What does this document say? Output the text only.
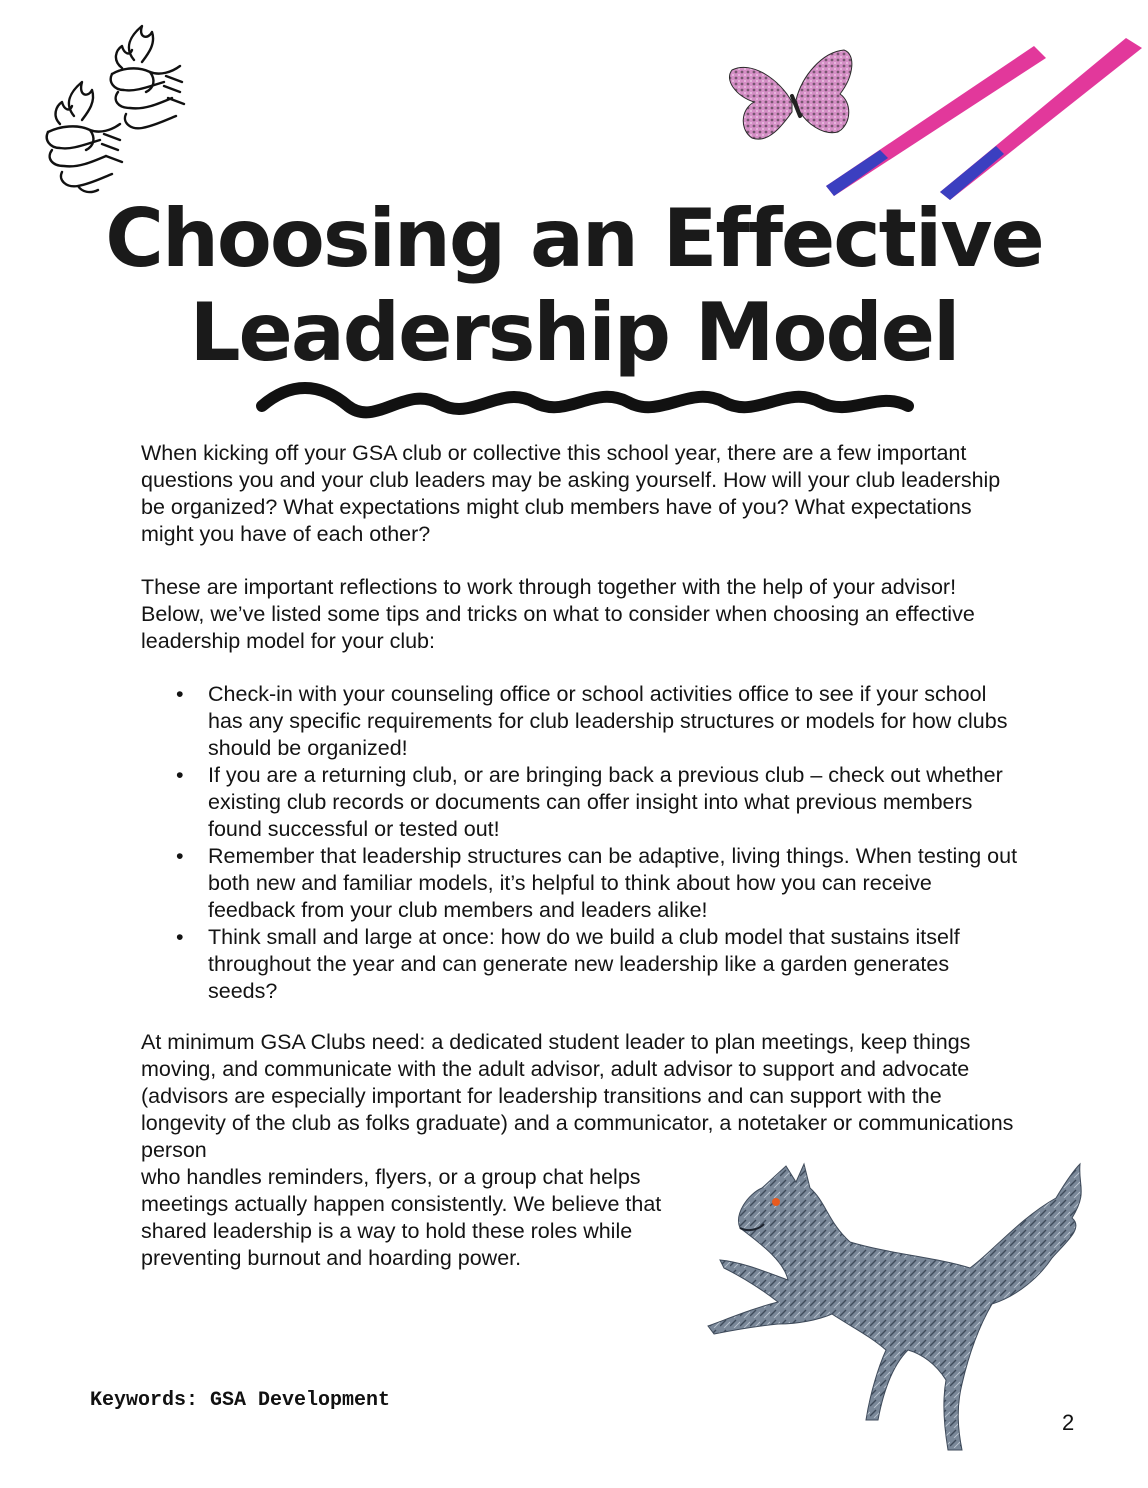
Choosing an Effective
Leadership Model

When kicking off your GSA club or collective this school year, there are a few important questions you and your club leaders may be asking yourself. How will your club leadership be organized? What expectations might club members have of you? What expectations might you have of each other?

These are important reflections to work through together with the help of your advisor! Below, we’ve listed some tips and tricks on what to consider when choosing an effective leadership model for your club:

• Check-in with your counseling office or school activities office to see if your school has any specific requirements for club leadership structures or models for how clubs should be organized!
• If you are a returning club, or are bringing back a previous club – check out whether existing club records or documents can offer insight into what previous members found successful or tested out!
• Remember that leadership structures can be adaptive, living things. When testing out both new and familiar models, it’s helpful to think about how you can receive feedback from your club members and leaders alike!
• Think small and large at once: how do we build a club model that sustains itself throughout the year and can generate new leadership like a garden generates seeds?
At minimum GSA Clubs need: a dedicated student leader to plan meetings, keep things moving, and communicate with the adult advisor, adult advisor to support and advocate (advisors are especially important for leadership transitions and can support with the longevity of the club as folks graduate) and a communicator, a notetaker or communications person
who handles reminders, flyers, or a group chat helps meetings actually happen consistently. We believe that shared leadership is a way to hold these roles while preventing burnout and hoarding power.

Keywords: GSA Development

2
